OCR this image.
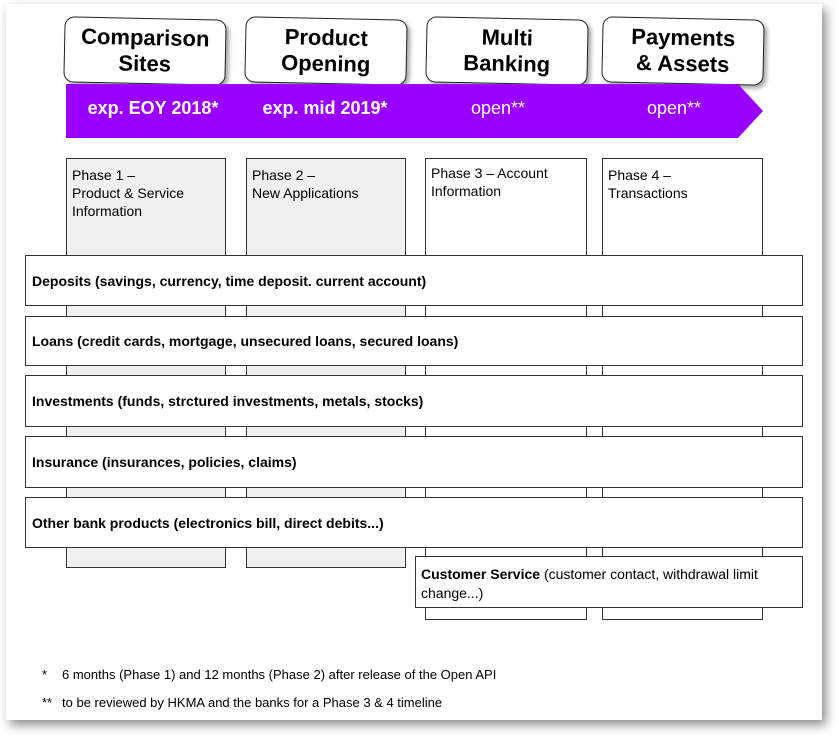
Comparison
Sites
Product
Opening
Multi
Banking
Payments
& Assets
exp. EOY 2018*	exp. mid 2019*	open**	open**
Phase 1 –
Product & Service
Information
Phase 2 –
New Applications
Phase 3 – Account
Information
Phase 4 –
Transactions
Deposits (savings, currency, time deposit. current account)
Loans (credit cards, mortgage, unsecured loans, secured loans)
Investments (funds, strctured investments, metals, stocks)
Insurance (insurances, policies, claims)
Other bank products (electronics bill, direct debits...)
Customer Service (customer contact, withdrawal limit change...)
* 6 months (Phase 1) and 12 months (Phase 2) after release of the Open API
** to be reviewed by HKMA and the banks for a Phase 3 & 4 timeline
